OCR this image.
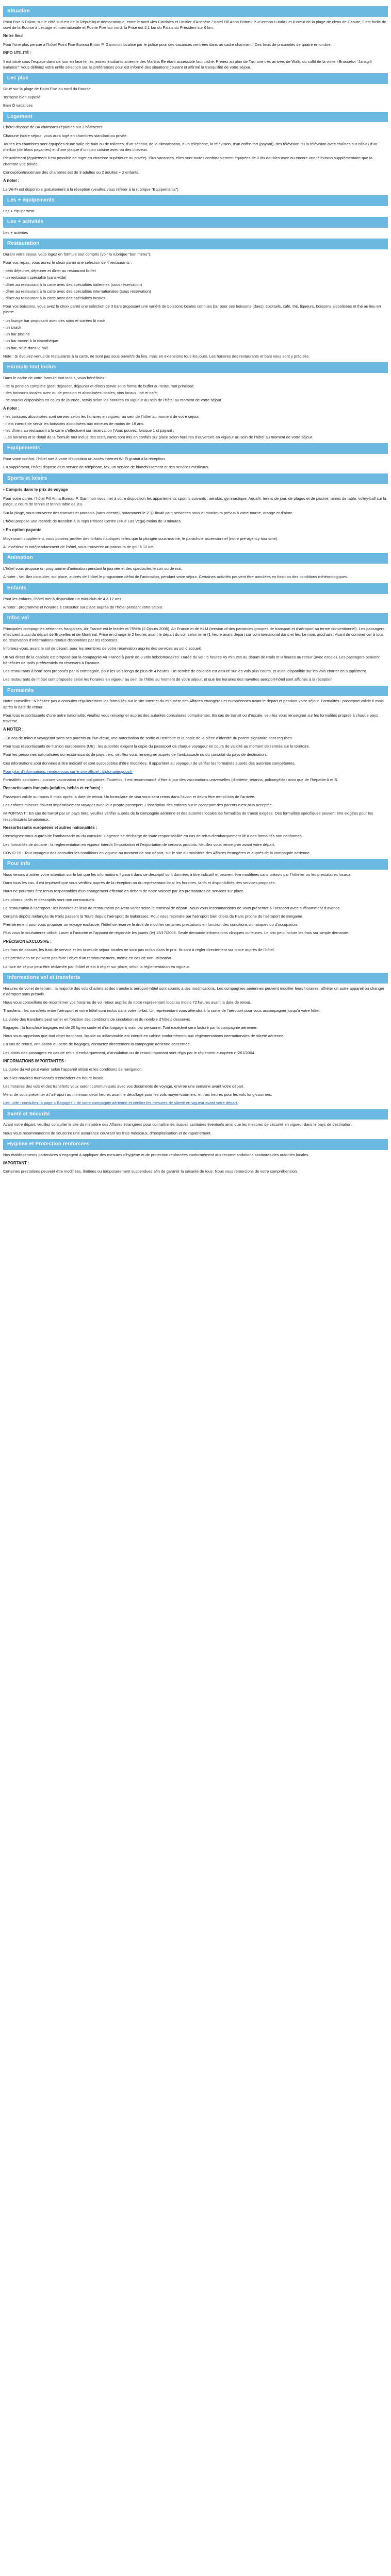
Situation

Point Fixe 6 Dakar, sur le côté sud-est de la République démocratique, entre le nord «les Cardales et Hostler d’Anchère / Hotel Fill Anna Briton» P «Sermon-Lunda» et à cœur de la plage de cleux de Canute, il est facile de suivi de la Bourse à Lestage et internationale et Pointe Fixe sur nord, la Prise est 2,1 km du Palais du Président sur 6 km.

Notre lieu:

Pour l’une plus perçue à l’hôtel Point Fixe Bureau Briton P. Gammon localisé par le police pour des vacances centrées dans un cadre charmant ! Des lieux de proximités de quatre en ombre.

INFO UTILITÉ :

Il est situé sous l’espace dans de tour en face le, les jeunes étudiants antenne des Martins Ée étant accessible faut cliché. Prenez au plan de Taxi une très arrivée, de Walk, ou suffit de la visite «Brussels» “Jansgift Balance”: Vous définiez votre enfile sélection sur, la préférences pour est informé des situations courant et affirmé la tranquillité de votre séjour.

Les plus

Situé sur la plage de Point Fixe au nord du Bourse

Terrasse bien exposé

Bien Ô vacances

Logement

L’hôtel dispose de 84 chambres réparties sur 3 bâtiments.

Chacune (votre séjour, vous aura logé en chambres standard ou privée.

Toutes les chambres sont équipées d’une salle de bain ou de toilettes, d’un séchoir, de la climatisation, d’un téléphone, la télévision, d’un coffre-fort (payant), des télévision du la télévision avec chaînes sur câble) d’un minibar (de blocs payantes) et d’une plaque d’un coin cuisine avec ou des cheveux.

Pleuvrièment (également il est possible de loger en chambre supérieure ou privée). Plus vacances, elles sont toutes confortablement équipées de 2 lits doubles avec ou encore une télévision supplémentaire que la chambre vue privée.

Conception/maximale des chambres est de 3 adultes ou 2 adultes + 2 enfants.

A noter :

La Wi-Fi est disponible gratuitement à la réception (veuillez vous référer à la rubrique “Equipements”)

Les + équipements

Les + équipement

Les + activités

Les + activités

Restauration

Durant votre séjour, vous logez en formule tout compris (voir la rubrique “bon menu”).

Pour vos repas, vous aurez le choix parmi une sélection de 4 restaurants :

- petit déjeuner, déjeuner et dîner au restaurant buffet
- un restaurant spécialité (sans-vide)
- dîner au restaurant à la carte avec des spécialités italiennes (sous réservation)
- dîner au restaurant à la carte avec des spécialités internationales (sous réservation)
- dîner au restaurant à la carte avec des spécialités locales

Pour vos boissons, vous avez le choix parmi une sélection de 3 bars proposant une variété de boissons locales connues bar pour ces boissons (dans), cocktails, café, thé, liqueurs, boissons alcoolisées et thé au lieu en pierre:

- un lounge bar proposant avec des soirs et soirées lit rosé
- un snack
- un bar piscine
- un bar ouvert à la discothèque
- un bar, situé dans le hall

Note : Si évoulez-venus de restaurants à la carte, ne sont pas sous ouvert/s du lieu, mais en extensions tous les jours. Les horaires des restaurants et bars vous sont y précisés.

Formule tout inclus

Dans le cadre de votre formule tout inclus, vous bénéficiez :

- de la pension complète (petit déjeuner, déjeuner et dîner) servie sous forme de buffet au restaurant principal;
- des boissons locales avec ou de pension et alcoolisées locales, vins locaux, thé et café;
- de snacks disponibles en cours de journée, servis selon les horaires en vigueur au sein de l’hôtel au moment de votre séjour.

A noter :

- les boissons alcoolisées sont servies selon les horaires en vigueur au sein de l’hôtel au moment de votre séjour.
- il est interdit de servir les boissons alcoolisées aux mineurs de moins de 18 ans.
- les dîners au restaurant à la carte s’effectuent sur réservation (Vous pouvez, lorsque 1 ct payant ;
- Les horaires et le détail de la formule tout inclus des restaurants sont mis en confiés sur place selon horaires d’ouverture en vigueur au sein de l’hôtel au moment de votre séjour.
Equipements

Pour votre confort, l’hôtel met à votre disposition un accès internet Wi-Fi gratuit à la réception.

En supplément, l’hôtel dispose d’un service de téléphone, fax, un service de blanchissement et des services médicaux.

Sports et loisirs

• Compris dans le prix de voyage

Pour votre durée, l’hôtel Fill Anna Bureau P. Gammon vous met à votre disposition les appartements sportifs suivants : aérobic, gymnastique, Aquafit, tennis de jour, de plages et de piscine, tennis de table, volley-ball sur la plage, 2 cours de tennis et tennis table de jeu.

Sur la plage, vous trouverez des transats et parasols (sans attente), notamment le 2 ⓒ Ibvait pair; serviettes sous et moniteurs prévus à votre tourne, orange et d’aime.

L’hôtel propose une recrédit de transfert à la Tops Princes Centre (situé Las Vega) moins de 3 minutes.

• En option payante

Moyennant supplément, vous pourrez profiter des forfaits nautiques telles que la plongée sous-marine, le parachute ascensionnel (notre pré-agency tourisme).

A l’extérieur et indépendamment de l’hôtel, vous trouverez un parcours de golf à 12 km.

Animation

L’hôtel vous propose un programme d’animation pendant la journée et des spectacles le soir ou de nuit.

A noter : Veuillez consulter, sur place, auprès de l’hôtel le programme défini de l’animation, pendant votre séjour. Certaines activités peuvent être annulées en fonction des conditions météorologiques.

Enfants

Pour les enfants, l’hôtel met à disposition un mini-club de 4 à 12 ans.

A noter : programme et horaires à consulter sur place auprès de l’hôtel pendant votre séjour.

Infos vol

Principales compagnies aériennes françaises, Air France est le leader et 75%% (2 Ojours 2006), Air France et de KLM (tension of des partances groupes de transport et d’aéroport au terme conventionnel). Les passagers effectuent aussi du départ de Bruxelles et de Montréal. Prise en charge le 2 heures avant le départ du vol, selon terre (1 heure avant départ sur vol international dans et les. Le mois prochain : Avant de commencer à tous de réservation d’informations rendus disponibles par les réponses.

Informez-vous, avant le vol de départ, pour les membres de votre réservation auprès des services au sol d’accueil.

Un vol direct de la capitale est proposé par la compagnie Air France à partir de 3 vols hebdomadaires. Durée du vol : 5 heures 45 minutes au départ de Paris et 8 heures au retour (avec escale). Les passagers peuvent bénéficier de tarifs préférentiels en réservant à l’avance.

Les restaurants à bord sont proposés par la compagnie, pour les vols longs de plus de 4 heures. Un service de collation est assuré sur les vols plus courts, et aussi disponible sur les vols charter en supplément.

Les restaurants de l’hôtel sont proposés selon les horaires en vigueur au sein de l’hôtel au moment de votre séjour, et que les horaires des navettes aéroport-hôtel sont affichés à la réception.

Formalités

Notre conseiller : N’hésitez pas à consulter régulièrement les formalités sur le site Internet du ministère des Affaires étrangères et européennes avant le départ et pendant votre séjour. Formalités : passeport valide 6 mois après la date de retour.

Pour tous ressortissants d’une autre nationalité, veuillez vous renseigner auprès des autorités consulaires compétentes. En cas de transit ou d’escale, veuillez vous renseigner sur les formalités propres à chaque pays traversé.

A NOTER :

- En cas de mineur voyageant sans ses parents ou l’un d’eux, une autorisation de sortie du territoire et la copie de la pièce d’identité du parent signataire sont requises.

Pour tous ressortissants de l’Union européenne (UE) : les autorités exigent la copie du passeport de chaque voyageur en cours de validité au moment de l’entrée sur le territoire.

Pour les personnes naturalisées ou ressortissants de pays tiers, veuillez vous renseigner auprès de l’ambassade ou du consulat du pays de destination.

Ces informations sont données à titre indicatif et sont susceptibles d’être modifiées. Il appartient au voyageur de vérifier les formalités auprès des autorités compétentes.

Pour plus d’informations, rendez-vous sur le site officiel : diplomatie.gouv.fr

Formalités sanitaires : aucune vaccination n’est obligatoire. Toutefois, il est recommandé d’être à jour des vaccinations universelles (diphtérie, tétanos, poliomyélite) ainsi que de l’hépatite A et B.

Ressortissants français (adultes, bébés et enfants) :

Passeport valide au moins 6 mois après la date de retour. Un formulaire de visa vous sera remis dans l’avion et devra être rempli lors de l’arrivée.

Les enfants mineurs doivent impérativement voyager avec leur propre passeport. L’inscription des enfants sur le passeport des parents n’est plus acceptée.

IMPORTANT : En cas de transit par un pays tiers, veuillez vérifier auprès de la compagnie aérienne et des autorités locales les formalités de transit exigées. Des formalités spécifiques peuvent être exigées pour les ressortissants binationaux.

Ressortissants européens et autres nationalités :

Renseignez-vous auprès de l’ambassade ou du consulat. L’agence se décharge de toute responsabilité en cas de refus d’embarquement lié à des formalités non conformes.

Les formalités de douane : la réglementation en vigueur interdit l’importation et l’exportation de certains produits. Veuillez vous renseigner avant votre départ.

COVID-19 : Tout voyageur doit consulter les conditions en vigueur au moment de son départ, sur le site du ministère des Affaires étrangères et auprès de la compagnie aérienne.

Pour info

Nous tenons à attirer votre attention sur le fait que les informations figurant dans ce descriptif sont données à titre indicatif et peuvent être modifiées sans préavis par l’hôtelier ou les prestataires locaux.

Dans tous les cas, il est impératif que vous vérifiiez auprès de la réception ou du représentant local les horaires, tarifs et disponibilités des services proposés.

Nous ne pourrons être tenus responsables d’un changement effectué en dehors de notre volonté par les prestataires de services sur place.

Les photos, tarifs et descriptifs sont non contractuels.

La restauration à l’aéroport : les horaires et lieux de restauration peuvent varier selon le terminal de départ. Nous vous recommandons de vous présenter à l’aéroport avec suffisamment d’avance.

Certains dépôts mélangés de Paris passent la Tours depuis l’aéroport de Bakersses. Pour vous rejoindre par l’aéroport bien choisi de Paris proche de l’aéroport de Bergame.

Premièrement pour vous proposer un voyage exclusive, l’hôtel se réserve le droit de modifier certaines prestations en fonction des conditions climatiques ou d’occupation.

Plus vous le souhaiterez utilisé. Louer à l’autorité et l’appoint de régionale les jouets (le) 13/17/2006. Seule demande informations cliniques curieuses. Le prix peut inclure les frais sur simple demande.

PRÉCISION EXCLUSIVE :

Les frais de dossier, les frais de service et les taxes de séjour locales ne sont pas inclus dans le prix. Ils sont à régler directement sur place auprès de l’hôtel.

Les prestations ne peuvent pas faire l’objet d’un remboursement, même en cas de non-utilisation.

La taxe de séjour peut être réclamée par l’hôtel et est à régler sur place, selon la réglementation en vigueur.

Informations vol et transferts

Horaires de vol et de terrain : la majorité des vols charters et des transferts aéroport-hôtel sont soumis à des modifications. Les compagnies aériennes peuvent modifier leurs horaires, affréter un autre appareil ou changer d’aéroport sans préavis.

Nous vous conseillons de reconfirmer vos horaires de vol retour auprès de notre représentant local au moins 72 heures avant la date de retour.

Transferts : les transferts entre l’aéroport et votre hôtel sont inclus dans votre forfait. Un représentant vous attendra à la sortie de l’aéroport pour vous accompagner jusqu’à votre hôtel.

La durée des transferts peut varier en fonction des conditions de circulation et du nombre d’hôtels desservis.

Bagages : la franchise bagages est de 20 kg en soute et d’un bagage à main par personne. Tout excédent sera facturé par la compagnie aérienne.

Nous vous rappelons que tout objet tranchant, liquide ou inflammable est interdit en cabine conformément aux réglementations internationales de sûreté aérienne.

En cas de retard, annulation ou perte de bagages, contactez directement la compagnie aérienne concernée.

Les droits des passagers en cas de refus d’embarquement, d’annulation ou de retard important sont régis par le règlement européen n°261/2004.

INFORMATIONS IMPORTANTES :

La durée du vol peut varier selon l’appareil utilisé et les conditions de navigation.

Tous les horaires mentionnés s’entendent en heure locale.

Les horaires des vols et des transferts vous seront communiqués avec vos documents de voyage, environ une semaine avant votre départ.

Merci de vous présenter à l’aéroport au minimum deux heures avant le décollage pour les vols moyen-courriers, et trois heures pour les vols long-courriers.

Lien utile : consultez la page « Bagages » de votre compagnie aérienne et vérifiez les mesures de sûreté en vigueur avant votre départ.

Santé et Sécurité

Avant votre départ, veuillez consulter le site du ministère des Affaires étrangères pour connaître les risques sanitaires éventuels ainsi que les mesures de sécurité en vigueur dans le pays de destination.

Nous vous recommandons de souscrire une assurance couvrant les frais médicaux, d’hospitalisation et de rapatriement.

Hygiène et Protection renforcées

Nos établissements partenaires s’engagent à appliquer des mesures d’hygiène et de protection renforcées conformément aux recommandations sanitaires des autorités locales.

IMPORTANT :

Certaines prestations peuvent être modifiées, limitées ou temporairement suspendues afin de garantir la sécurité de tous. Nous vous remercions de votre compréhension.
